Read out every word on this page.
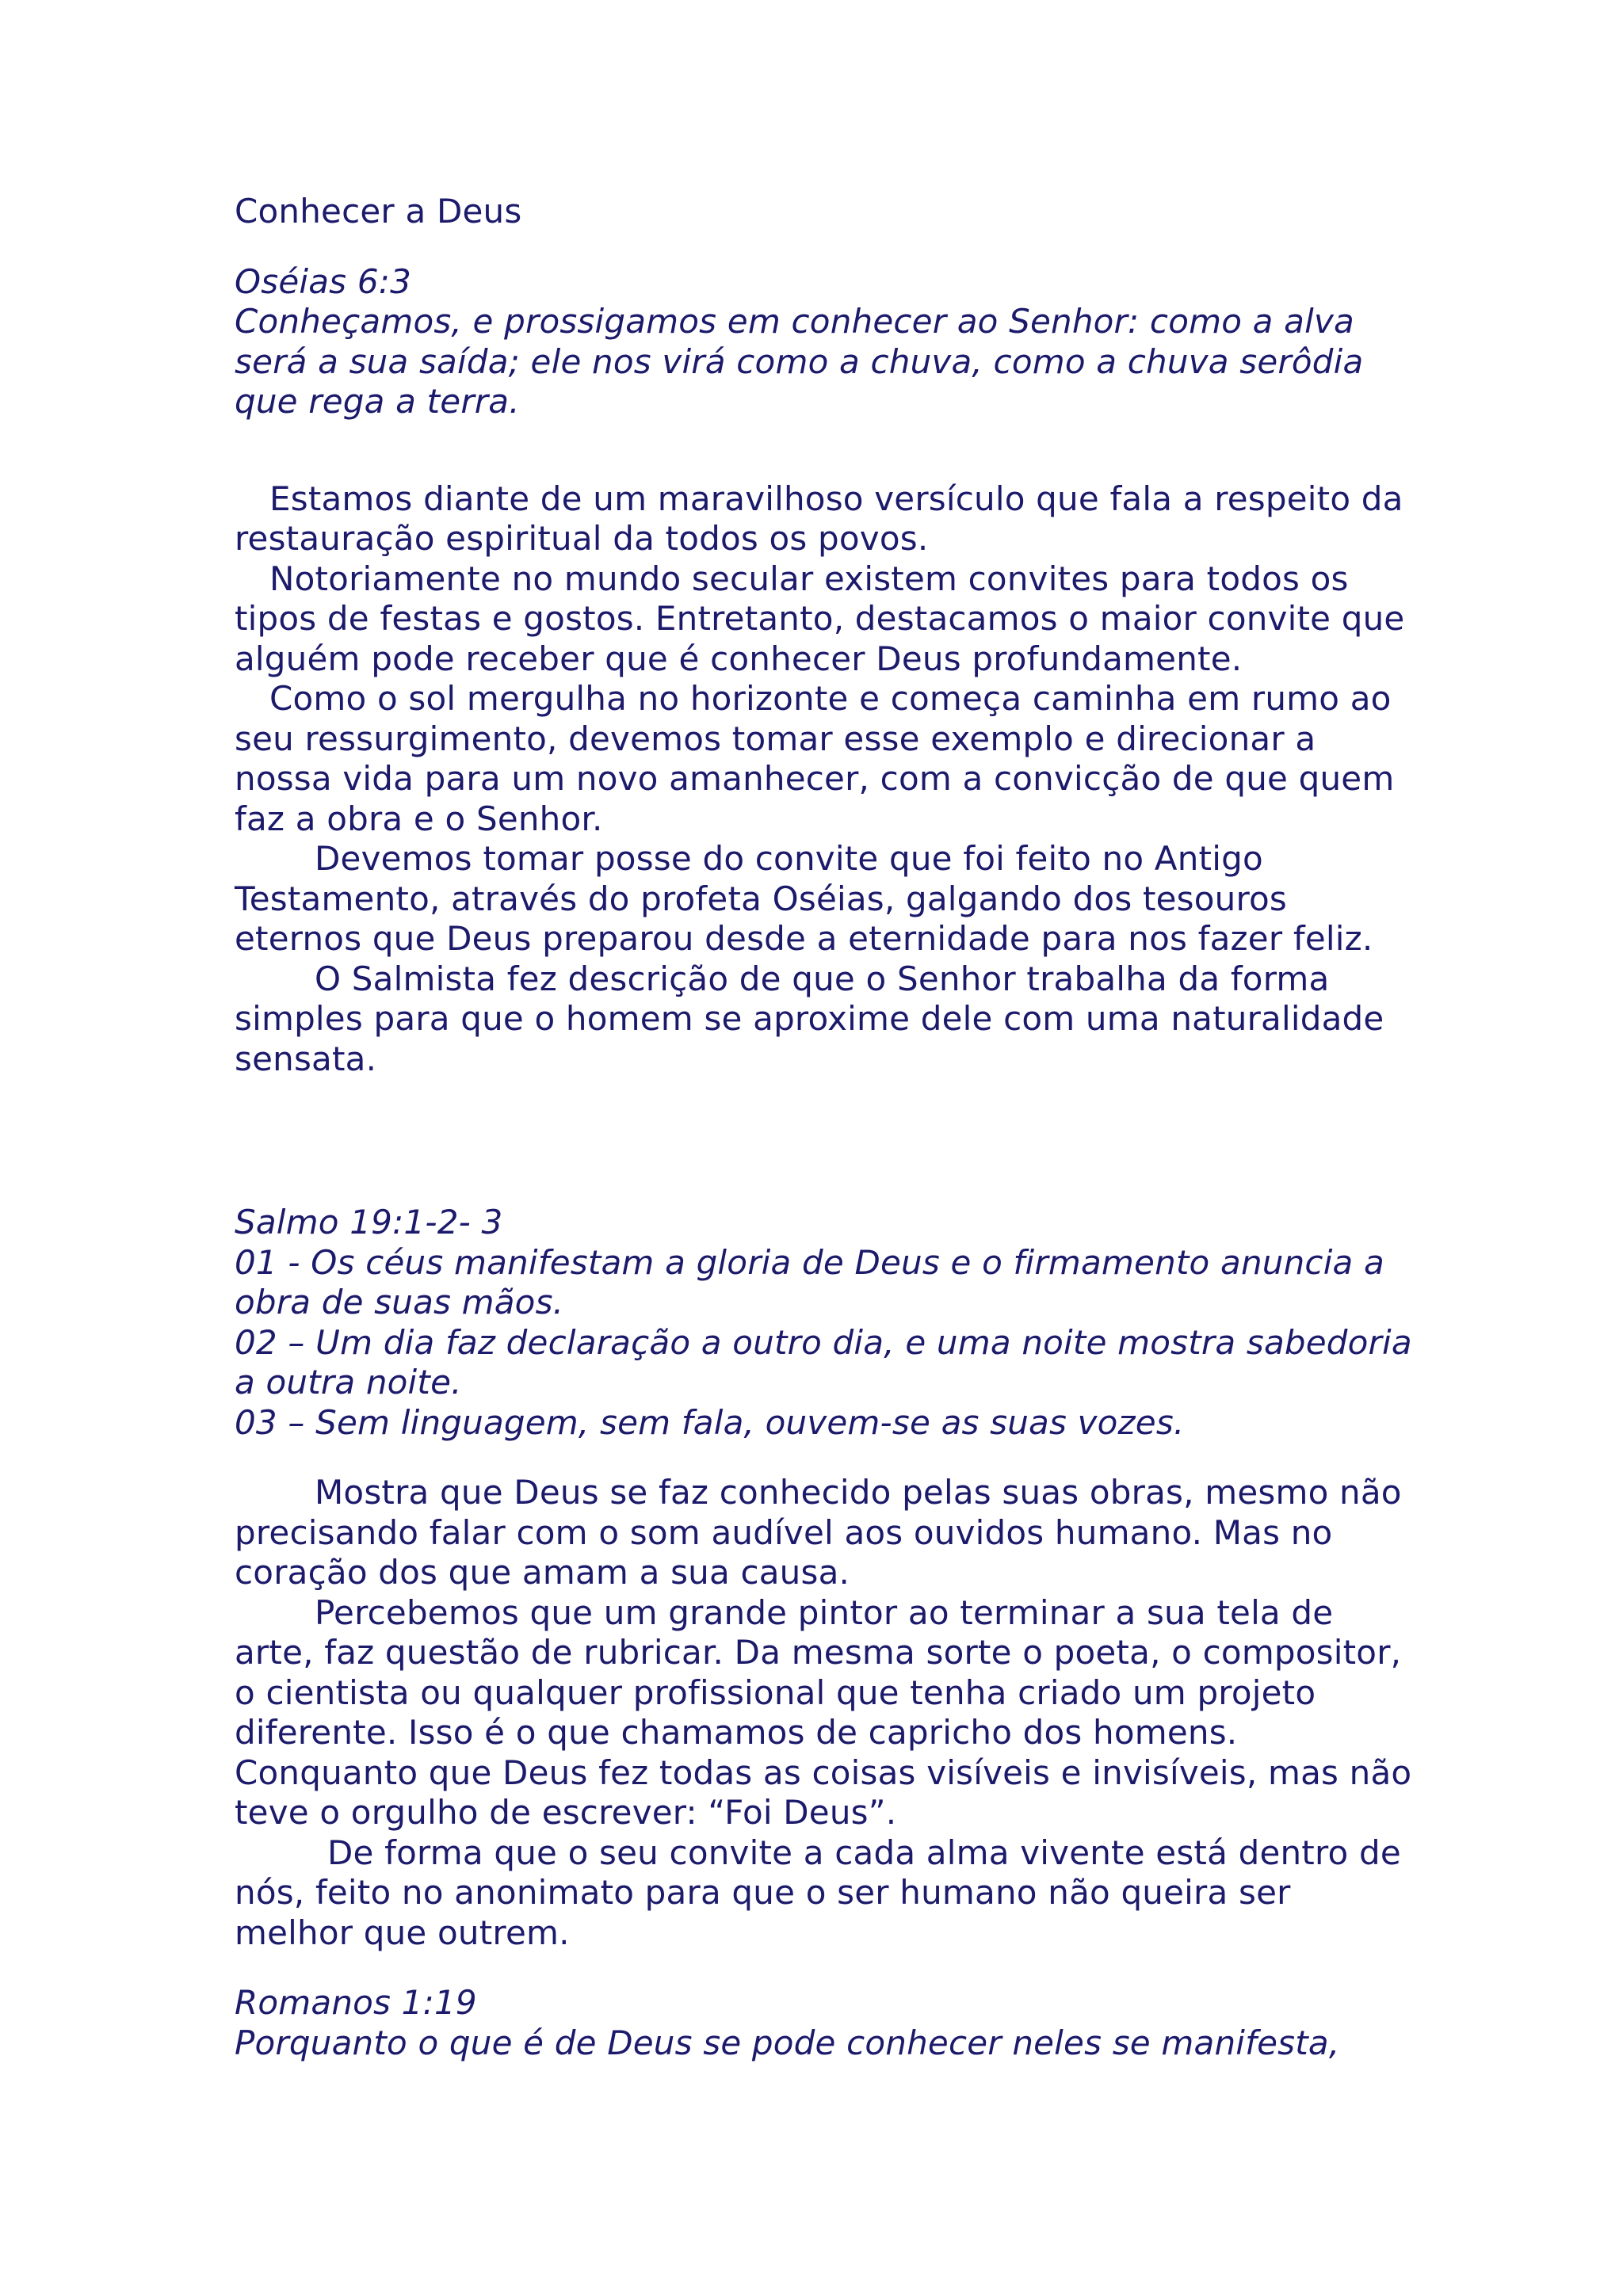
Conhecer a Deus

Oséias 6:3

Conheçamos, e prossigamos em conhecer ao Senhor: como a alva

será a sua saída; ele nos virá como a chuva, como a chuva serôdia

que rega a terra.

Estamos diante de um maravilhoso versículo que fala a respeito da

restauração espiritual da todos os povos.

Notoriamente no mundo secular existem convites para todos os

tipos de festas e gostos. Entretanto, destacamos o maior convite que

alguém pode receber que é conhecer Deus profundamente.

Como o sol mergulha no horizonte e começa caminha em rumo ao

seu ressurgimento, devemos tomar esse exemplo e direcionar a

nossa vida para um novo amanhecer, com a convicção de que quem

faz a obra e o Senhor.

Devemos tomar posse do convite que foi feito no Antigo

Testamento, através do profeta Oséias, galgando dos tesouros

eternos que Deus preparou desde a eternidade para nos fazer feliz.

O Salmista fez descrição de que o Senhor trabalha da forma

simples para que o homem se aproxime dele com uma naturalidade

sensata.

Salmo 19:1-2- 3

01 - Os céus manifestam a gloria de Deus e o firmamento anuncia a

obra de suas mãos.

02 – Um dia faz declaração a outro dia, e uma noite mostra sabedoria

a outra noite.

03 – Sem linguagem, sem fala, ouvem-se as suas vozes.

Mostra que Deus se faz conhecido pelas suas obras, mesmo não

precisando falar com o som audível aos ouvidos humano. Mas no

coração dos que amam a sua causa.

Percebemos que um grande pintor ao terminar a sua tela de

arte, faz questão de rubricar. Da mesma sorte o poeta, o compositor,

o cientista ou qualquer profissional que tenha criado um projeto

diferente. Isso é o que chamamos de capricho dos homens.

Conquanto que Deus fez todas as coisas visíveis e invisíveis, mas não

teve o orgulho de escrever: “Foi Deus”.

De forma que o seu convite a cada alma vivente está dentro de

nós, feito no anonimato para que o ser humano não queira ser

melhor que outrem.

Romanos 1:19

Porquanto o que é de Deus se pode conhecer neles se manifesta,
